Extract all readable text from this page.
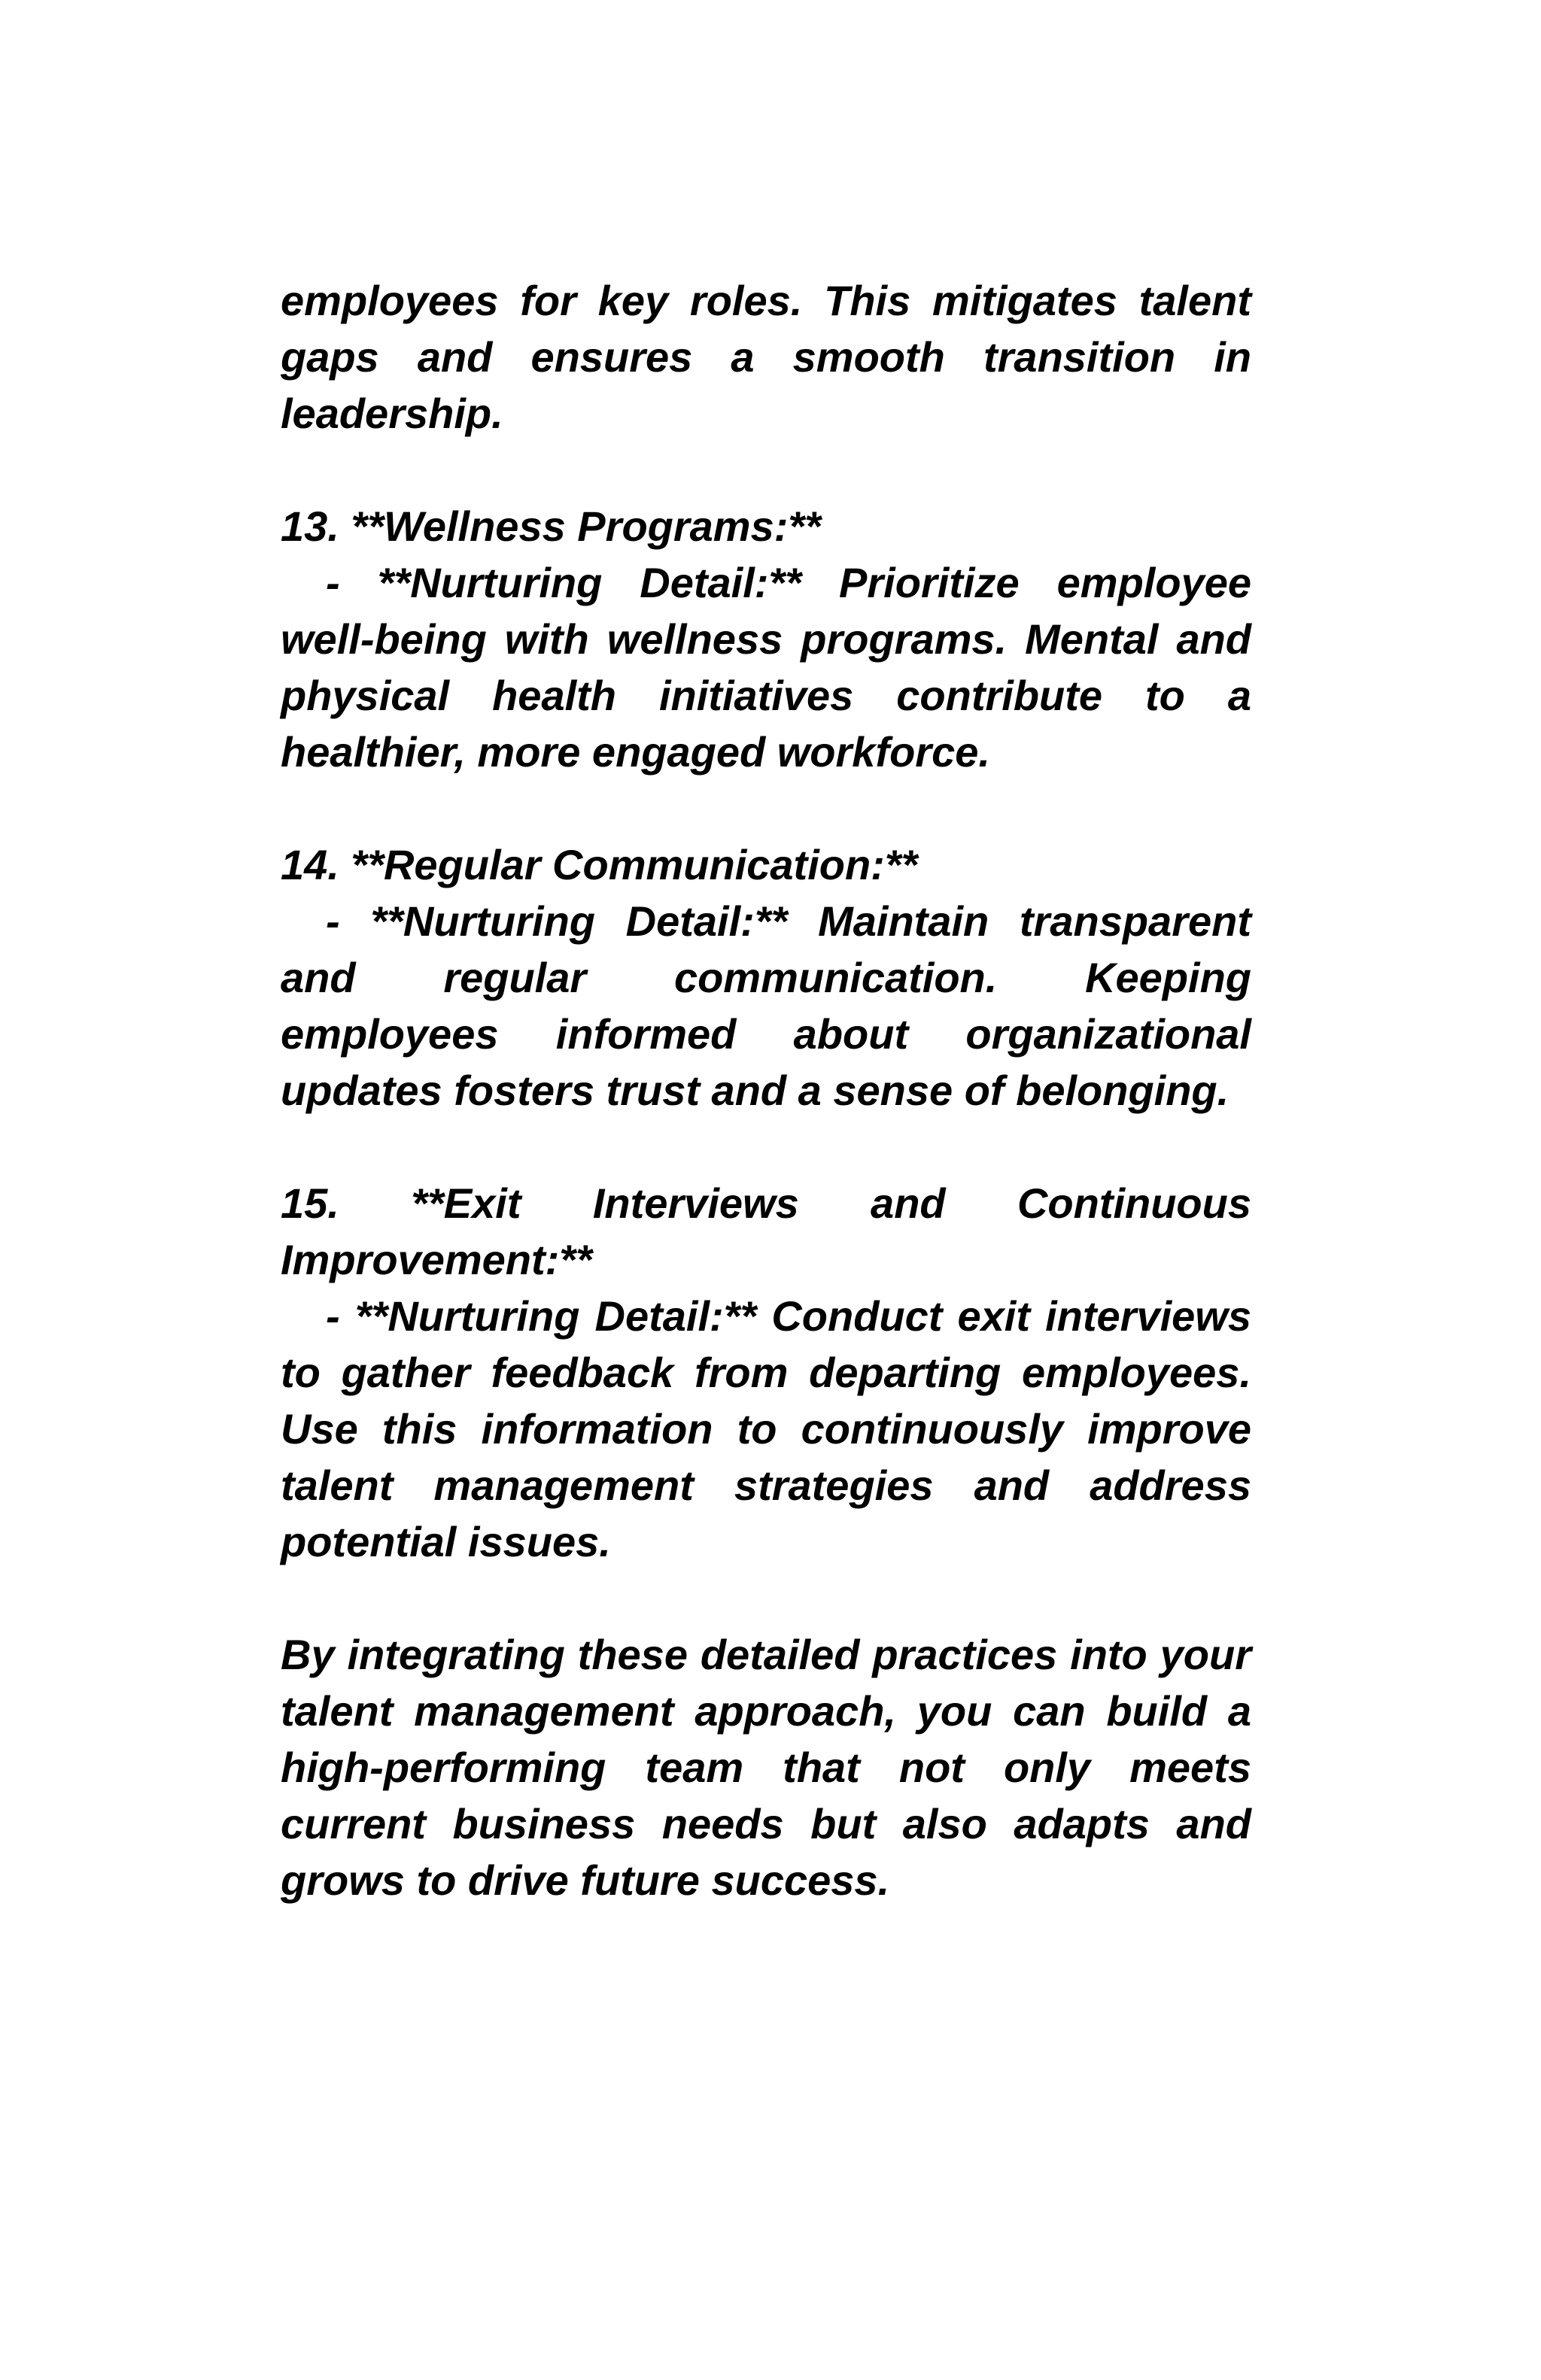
employees for key roles. This mitigates talent gaps and ensures a smooth transition in leadership.

13. **Wellness Programs:**

- **Nurturing Detail:** Prioritize employee well-being with wellness programs. Mental and physical health initiatives contribute to a healthier, more engaged workforce.

14. **Regular Communication:**

- **Nurturing Detail:** Maintain transparent and regular communication. Keeping employees informed about organizational updates fosters trust and a sense of belonging.

15. **Exit Interviews and Continuous Improvement:**

- **Nurturing Detail:** Conduct exit interviews to gather feedback from departing employees. Use this information to continuously improve talent management strategies and address potential issues.

By integrating these detailed practices into your talent management approach, you can build a high-performing team that not only meets current business needs but also adapts and grows to drive future success.
